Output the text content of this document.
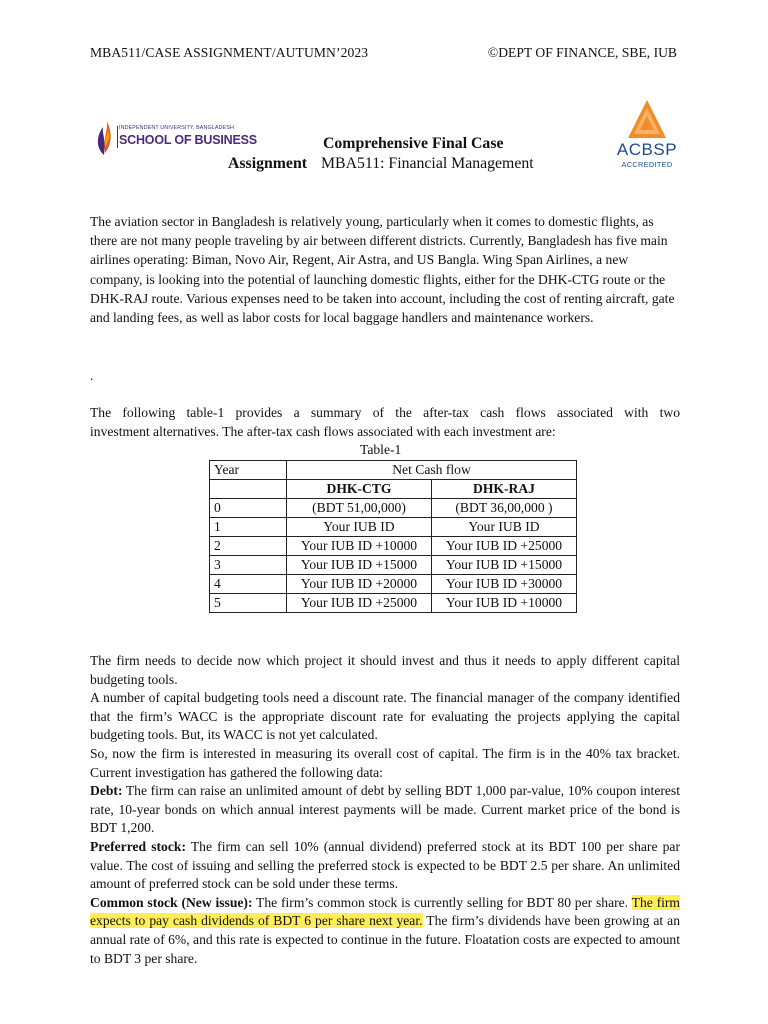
MBA511/CASE ASSIGNMENT/AUTUMN’2023	©DEPT OF FINANCE, SBE, IUB
INDEPENDENT UNIVERSITY, BANGLADESH
SCHOOL OF BUSINESS	Comprehensive Final Case
Assignment MBA511: Financial Management
ACBSP
ACCREDITED
The aviation sector in Bangladesh is relatively young, particularly when it comes to domestic flights, as there are not many people traveling by air between different districts. Currently, Bangladesh has five main airlines operating: Biman, Novo Air, Regent, Air Astra, and US Bangla. Wing Span Airlines, a new company, is looking into the potential of launching domestic flights, either for the DHK-CTG route or the DHK-RAJ route. Various expenses need to be taken into account, including the cost of renting aircraft, gate and landing fees, as well as labor costs for local baggage handlers and maintenance workers.
.
The following table-1 provides a summary of the after-tax cash flows associated with two
investment alternatives. The after-tax cash flows associated with each investment are:
Table-1
Year	Net Cash flow	
	DHK-CTG	DHK-RAJ
0	(BDT 51,00,000)	(BDT 36,00,000 )
1	Your IUB ID	Your IUB ID
2	Your IUB ID +10000	Your IUB ID +25000
3	Your IUB ID +15000	Your IUB ID +15000
4	Your IUB ID +20000	Your IUB ID +30000
5	Your IUB ID +25000	Your IUB ID +10000

The firm needs to decide now which project it should invest and thus it needs to apply different capital budgeting tools.

A number of capital budgeting tools need a discount rate. The financial manager of the company identified that the firm’s WACC is the appropriate discount rate for evaluating the projects applying the capital budgeting tools. But, its WACC is not yet calculated.

So, now the firm is interested in measuring its overall cost of capital. The firm is in the 40% tax bracket. Current investigation has gathered the following data:

Debt: The firm can raise an unlimited amount of debt by selling BDT 1,000 par-value, 10% coupon interest rate, 10-year bonds on which annual interest payments will be made. Current market price of the bond is BDT 1,200.

Preferred stock: The firm can sell 10% (annual dividend) preferred stock at its BDT 100 per share par value. The cost of issuing and selling the preferred stock is expected to be BDT 2.5 per share. An unlimited amount of preferred stock can be sold under these terms.

Common stock (New issue): The firm’s common stock is currently selling for BDT 80 per share. The firm expects to pay cash dividends of BDT 6 per share next year. The firm’s dividends have been growing at an annual rate of 6%, and this rate is expected to continue in the future. Floatation costs are expected to amount to BDT 3 per share.
